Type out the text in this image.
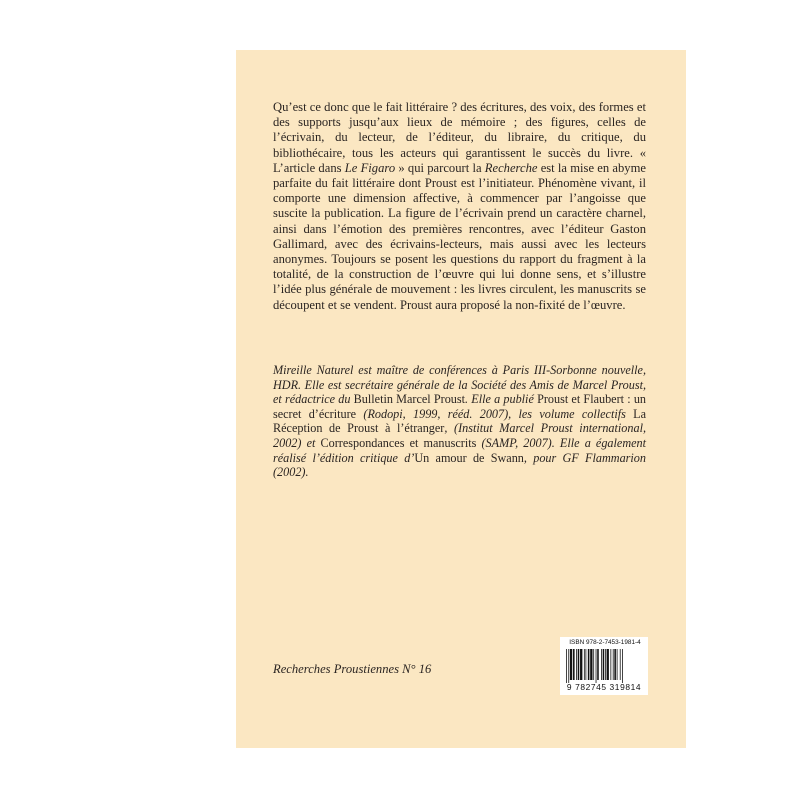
Qu’est ce donc que le fait littéraire ? des écritures, des voix, des formes et des supports jusqu’aux lieux de mémoire ; des figures, celles de l’écrivain, du lecteur, de l’éditeur, du libraire, du critique, du bibliothécaire, tous les acteurs qui garantissent le succès du livre. « L’article dans Le Figaro » qui parcourt la Recherche est la mise en abyme parfaite du fait littéraire dont Proust est l’initiateur. Phénomène vivant, il comporte une dimension affective, à commencer par l’angoisse que suscite la publication. La figure de l’écrivain prend un caractère charnel, ainsi dans l’émotion des premières rencontres, avec l’éditeur Gaston Gallimard, avec des écrivains-lecteurs, mais aussi avec les lecteurs anonymes. Toujours se posent les questions du rapport du fragment à la totalité, de la construction de l’œuvre qui lui donne sens, et s’illustre l’idée plus générale de mouvement : les livres circulent, les manuscrits se découpent et se vendent. Proust aura proposé la non-fixité de l’œuvre.
Mireille Naturel est maître de conférences à Paris III-Sorbonne nouvelle, HDR. Elle est secrétaire générale de la Société des Amis de Marcel Proust, et rédactrice du Bulletin Marcel Proust. Elle a publié Proust et Flaubert : un secret d’écriture (Rodopi, 1999, rééd. 2007), les volume collectifs La Réception de Proust à l’étranger, (Institut Marcel Proust international, 2002) et Correspondances et manuscrits (SAMP, 2007). Elle a également réalisé l’édition critique d’Un amour de Swann, pour GF Flammarion (2002).
Recherches Proustiennes N° 16
ISBN 978-2-7453-1981-4
9 782745 319814
